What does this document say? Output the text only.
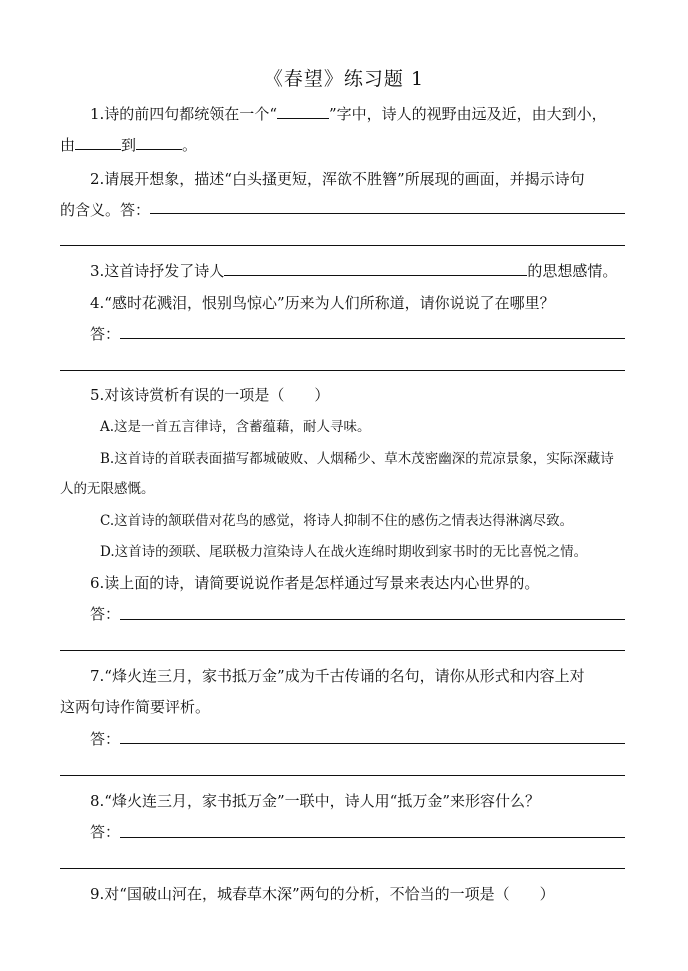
《春望》练习题 1
1.诗的前四句都统领在一个“	”字中，诗人的视野由远及近，由大到小，
由	到	。
2.请展开想象，描述“白头搔更短，浑欲不胜簪”所展现的画面，并揭示诗句
的含义。答：
3.这首诗抒发了诗人	的思想感情。
4.“感时花溅泪，恨别鸟惊心”历来为人们所称道，请你说说了在哪里？
答：
5.对该诗赏析有误的一项是（ ）
A.这是一首五言律诗，含蓄蕴藉，耐人寻味。
B.这首诗的首联表面描写都城破败、人烟稀少、草木茂密幽深的荒凉景象，实际深藏诗
人的无限感慨。
C.这首诗的颔联借对花鸟的感觉，将诗人抑制不住的感伤之情表达得淋漓尽致。
D.这首诗的颈联、尾联极力渲染诗人在战火连绵时期收到家书时的无比喜悦之情。
6.读上面的诗，请简要说说作者是怎样通过写景来表达内心世界的。
答：
7.“烽火连三月，家书抵万金”成为千古传诵的名句，请你从形式和内容上对
这两句诗作简要评析。
答：
8.“烽火连三月，家书抵万金”一联中，诗人用“抵万金”来形容什么？
答：
9.对“国破山河在，城春草木深”两句的分析，不恰当的一项是（ ）
